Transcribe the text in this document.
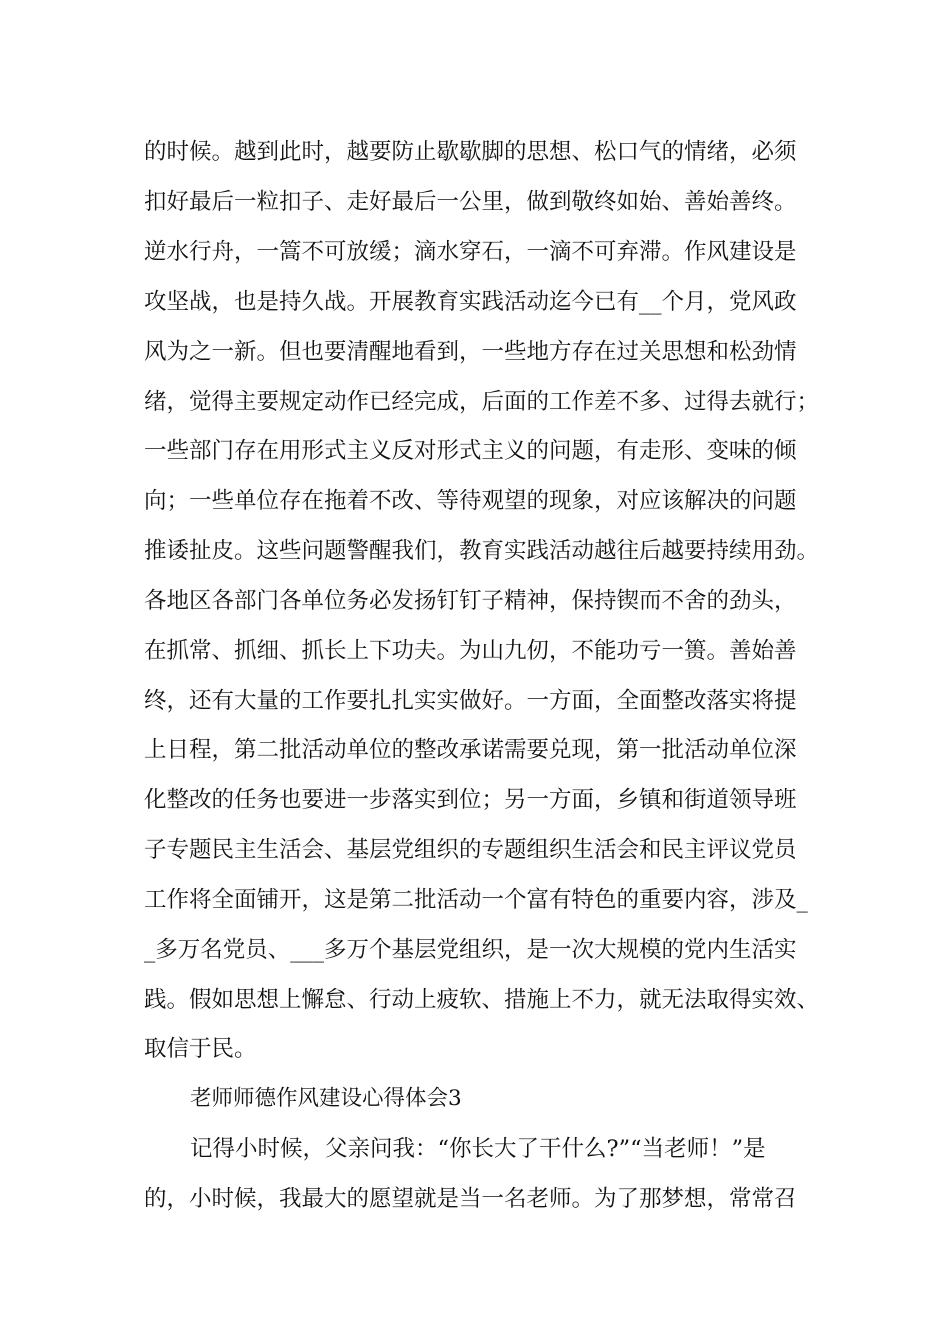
的时候。越到此时，越要防止歇歇脚的思想、松口气的情绪，必须

扣好最后一粒扣子、走好最后一公里，做到敬终如始、善始善终。

逆水行舟，一篙不可放缓；滴水穿石，一滴不可弃滞。作风建设是

攻坚战，也是持久战。开展教育实践活动迄今已有__个月，党风政

风为之一新。但也要清醒地看到，一些地方存在过关思想和松劲情

绪，觉得主要规定动作已经完成，后面的工作差不多、过得去就行；

一些部门存在用形式主义反对形式主义的问题，有走形、变味的倾

向；一些单位存在拖着不改、等待观望的现象，对应该解决的问题

推诿扯皮。这些问题警醒我们，教育实践活动越往后越要持续用劲。

各地区各部门各单位务必发扬钉钉子精神，保持锲而不舍的劲头，

在抓常、抓细、抓长上下功夫。为山九仞，不能功亏一篑。善始善

终，还有大量的工作要扎扎实实做好。一方面，全面整改落实将提

上日程，第二批活动单位的整改承诺需要兑现，第一批活动单位深

化整改的任务也要进一步落实到位；另一方面，乡镇和街道领导班

子专题民主生活会、基层党组织的专题组织生活会和民主评议党员

工作将全面铺开，这是第二批活动一个富有特色的重要内容，涉及_

_多万名党员、___多万个基层党组织，是一次大规模的党内生活实

践。假如思想上懈怠、行动上疲软、措施上不力，就无法取得实效、

取信于民。

老师师德作风建设心得体会3

记得小时候，父亲问我：“你长大了干什么?”“当老师！”是

的，小时候，我最大的愿望就是当一名老师。为了那梦想，常常召
